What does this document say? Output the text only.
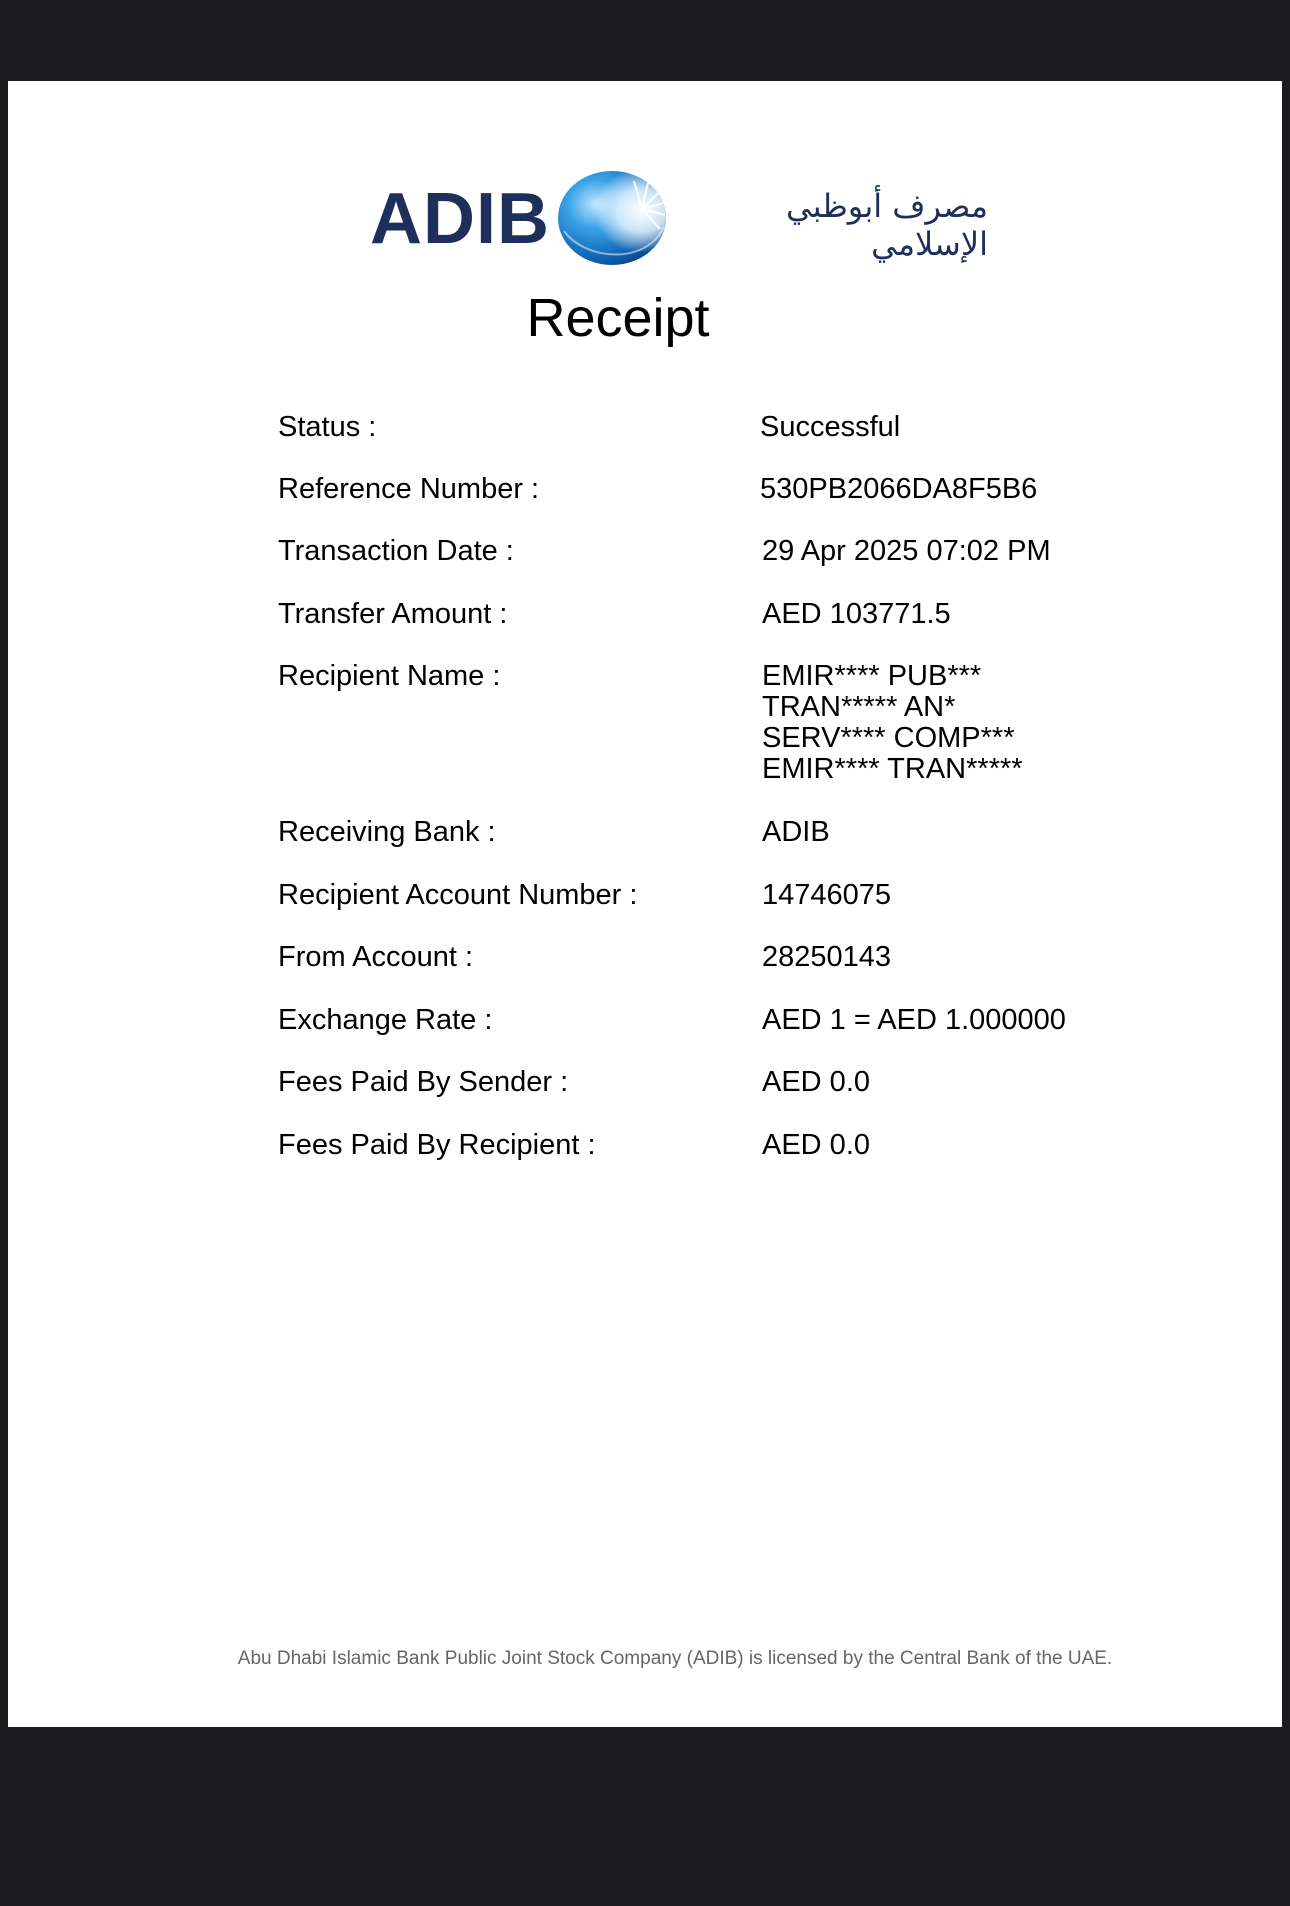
ADIB	مصرف أبوظبي
الإسلامي
Receipt
Status :	Successful
Reference Number :	530PB2066DA8F5B6
Transaction Date :	29 Apr 2025 07:02 PM
Transfer Amount :	AED 103771.5
Recipient Name :	EMIR**** PUB***
TRAN***** AN*
SERV**** COMP***
EMIR**** TRAN*****
Receiving Bank :	ADIB
Recipient Account Number :	14746075
From Account :	28250143
Exchange Rate :	AED 1 = AED 1.000000
Fees Paid By Sender :	AED 0.0
Fees Paid By Recipient :	AED 0.0
Abu Dhabi Islamic Bank Public Joint Stock Company (ADIB) is licensed by the Central Bank of the UAE.
